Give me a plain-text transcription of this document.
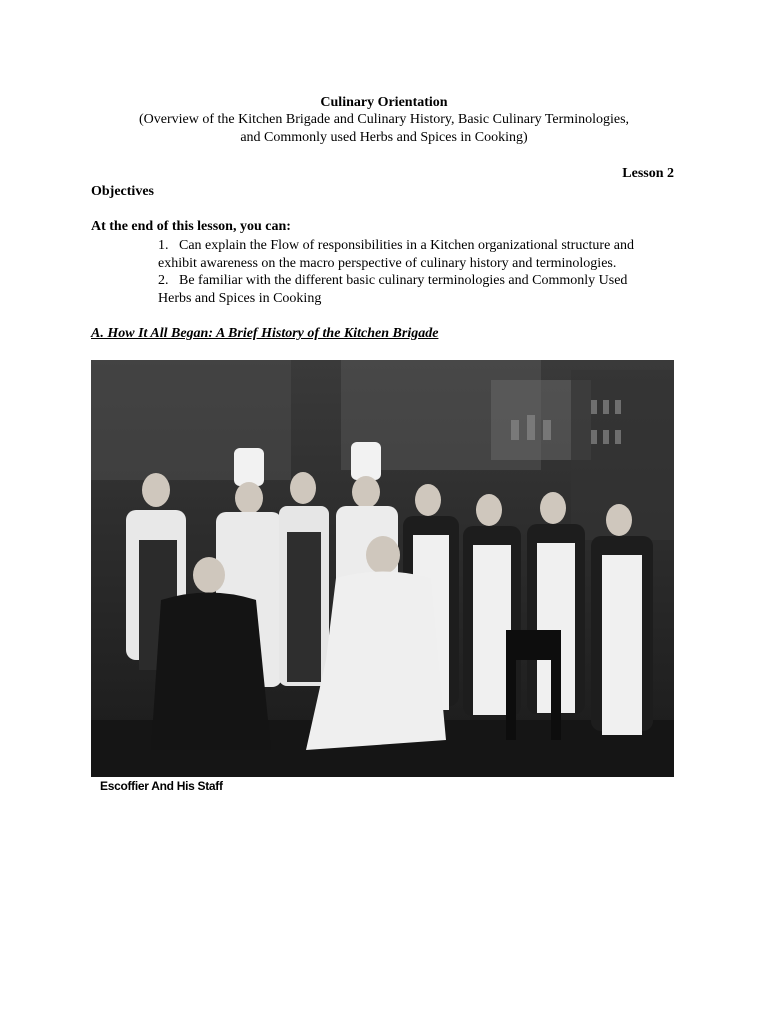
Culinary Orientation
(Overview of the Kitchen Brigade and Culinary History, Basic Culinary Terminologies,
and Commonly used Herbs and Spices in Cooking)
Lesson 2
Objectives
At the end of this lesson, you can:
1. Can explain the Flow of responsibilities in a Kitchen organizational structure and
exhibit awareness on the macro perspective of culinary history and terminologies.
2. Be familiar with the different basic culinary terminologies and Commonly Used
Herbs and Spices in Cooking
A. How It All Began: A Brief History of the Kitchen Brigade
Escoffier And His Staff
